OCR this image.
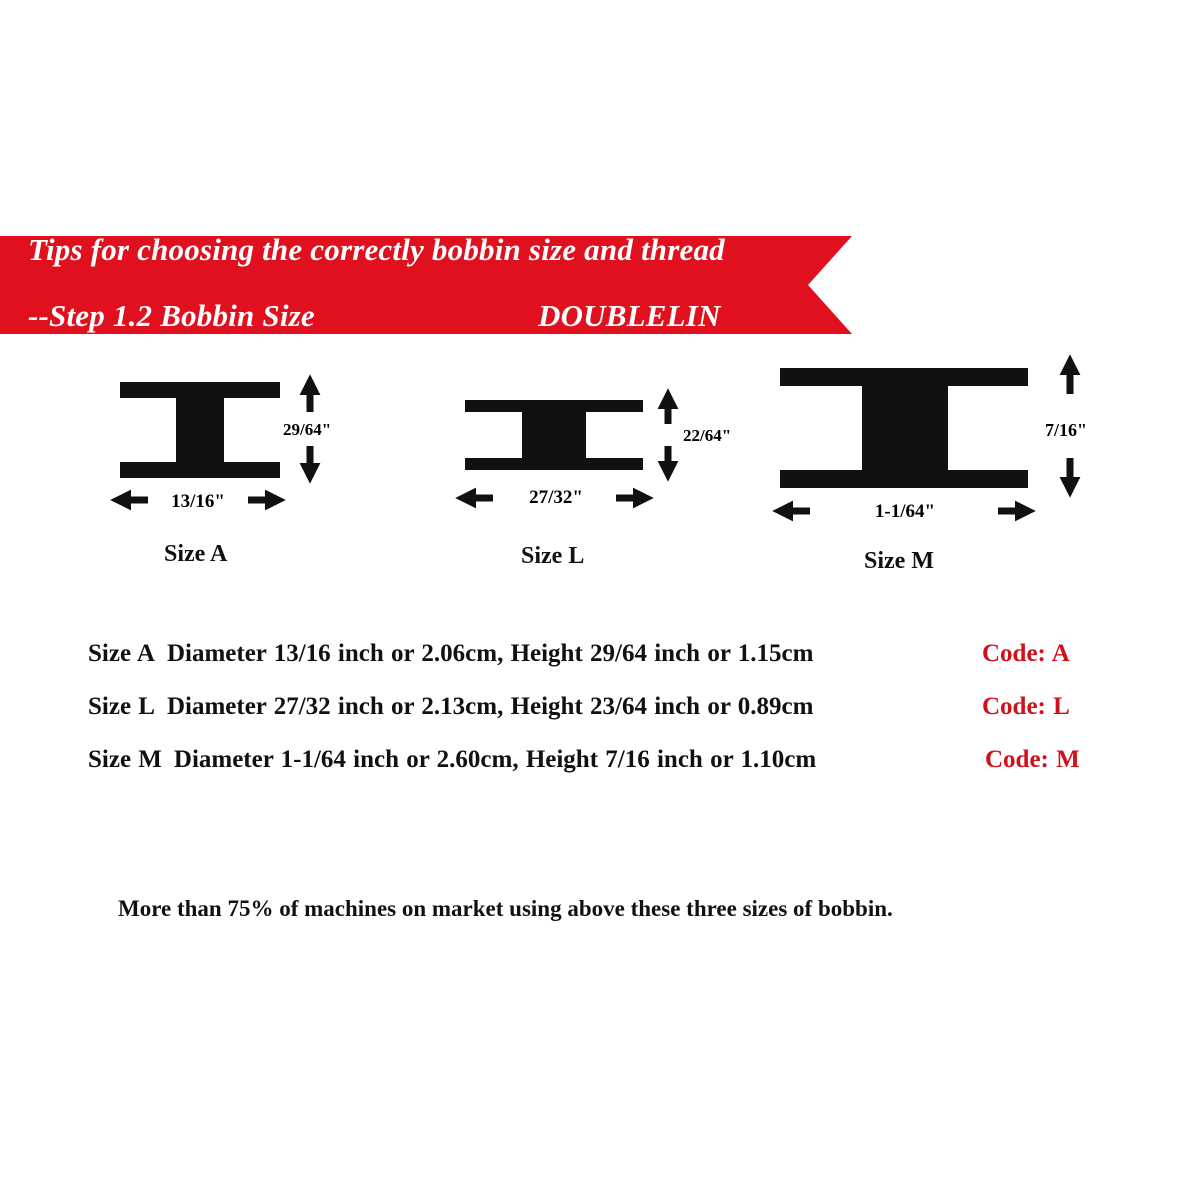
Tips for choosing the correctly bobbin size and thread
--Step 1.2 Bobbin Size	DOUBLELIN
29/64"
13/16"
22/64"
27/32"
7/16"
1-1/64"
Size A	Size L	Size M
Size A Diameter 13/16 inch or 2.06cm, Height 29/64 inch or 1.15cm	Code: A
Size L Diameter 27/32 inch or 2.13cm, Height 23/64 inch or 0.89cm	Code: L
Size M Diameter 1-1/64 inch or 2.60cm, Height 7/16 inch or 1.10cm	Code: M
More than 75% of machines on market using above these three sizes of bobbin.
